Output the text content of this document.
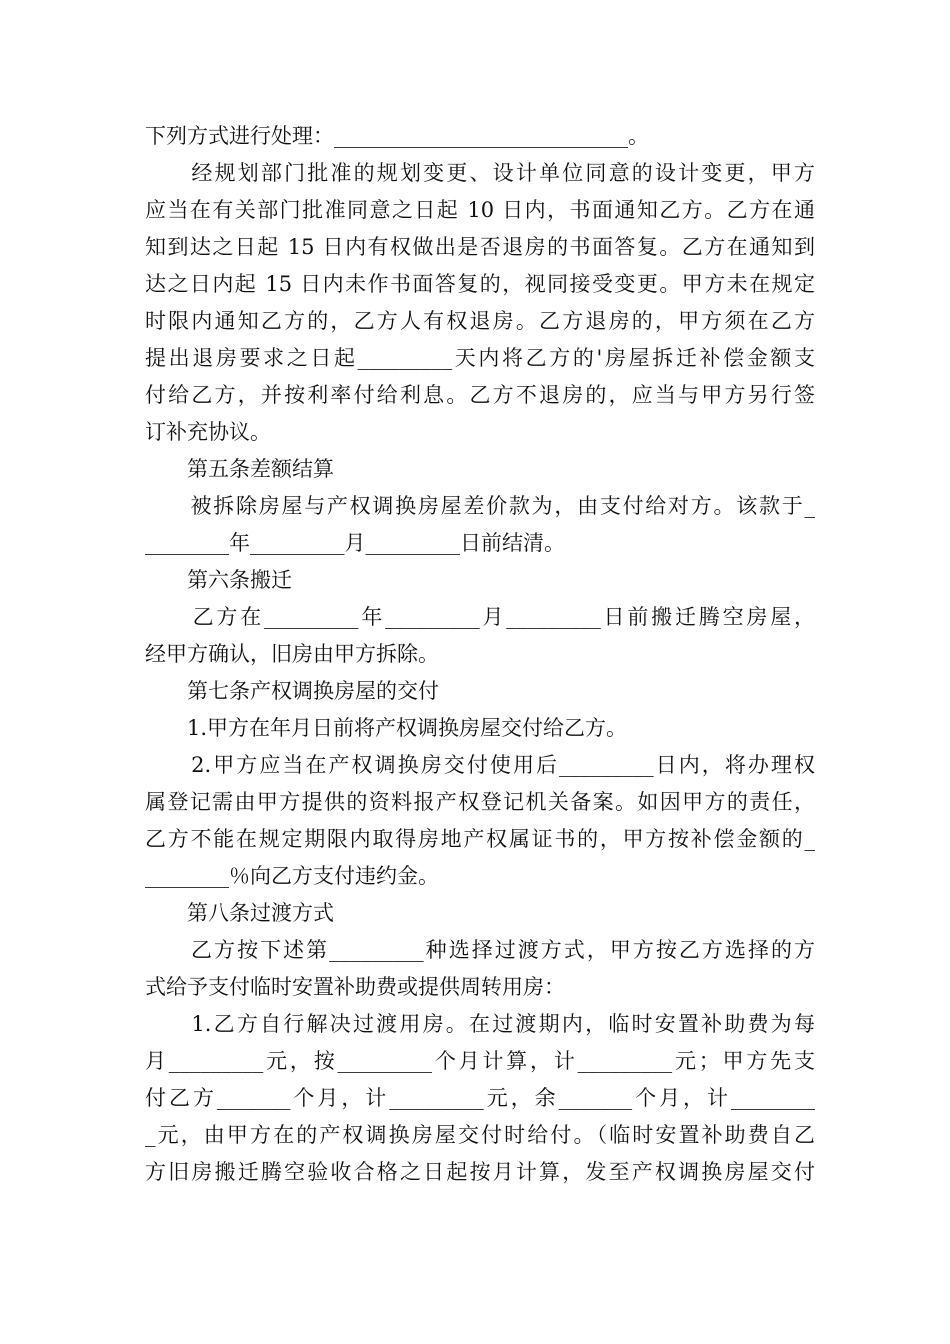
下列方式进行处理：____________________________。
　　经规划部门批准的规划变更、设计单位同意的设计变更，甲方
应当在有关部门批准同意之日起 10 日内，书面通知乙方。乙方在通
知到达之日起 15 日内有权做出是否退房的书面答复。乙方在通知到
达之日内起 15 日内未作书面答复的，视同接受变更。甲方未在规定
时限内通知乙方的，乙方人有权退房。乙方退房的，甲方须在乙方
提出退房要求之日起_________天内将乙方的'房屋拆迁补偿金额支
付给乙方，并按利率付给利息。乙方不退房的，应当与甲方另行签
订补充协议。
　　第五条差额结算
　　被拆除房屋与产权调换房屋差价款为，由支付给对方。该款于_
________年_________月_________日前结清。
　　第六条搬迁
　　乙方在_________年_________月_________日前搬迁腾空房屋，
经甲方确认，旧房由甲方拆除。
　　第七条产权调换房屋的交付
　　1.甲方在年月日前将产权调换房屋交付给乙方。
　　2.甲方应当在产权调换房交付使用后_________日内，将办理权
属登记需由甲方提供的资料报产权登记机关备案。如因甲方的责任，
乙方不能在规定期限内取得房地产权属证书的，甲方按补偿金额的_
________％向乙方支付违约金。
　　第八条过渡方式
　　乙方按下述第_________种选择过渡方式，甲方按乙方选择的方
式给予支付临时安置补助费或提供周转用房：
　　1.乙方自行解决过渡用房。在过渡期内，临时安置补助费为每
月_________元，按_________个月计算，计_________元；甲方先支
付乙方_______个月，计_________元，余_______个月，计________
_元，由甲方在的产权调换房屋交付时给付。（临时安置补助费自乙
方旧房搬迁腾空验收合格之日起按月计算，发至产权调换房屋交付
